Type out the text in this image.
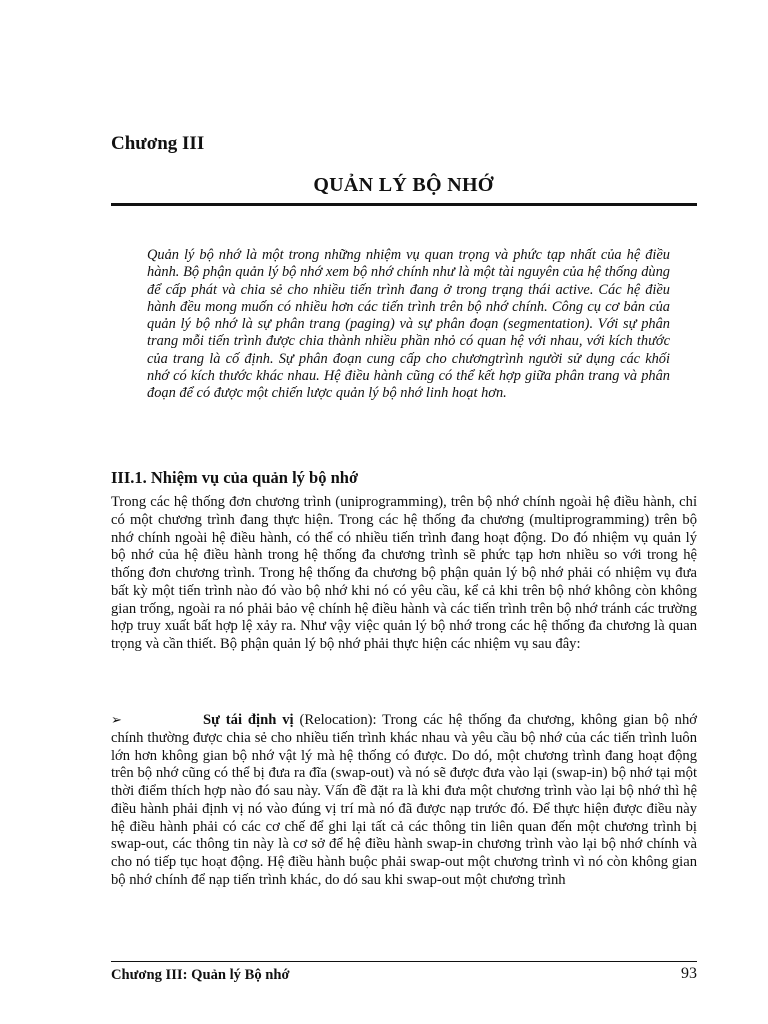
Chương III
QUẢN LÝ BỘ NHỚ

Quản lý bộ nhớ là một trong những nhiệm vụ quan trọng và phức tạp nhất của hệ điều hành. Bộ phận quản lý bộ nhớ xem bộ nhớ chính như là một tài nguyên của hệ thống dùng để cấp phát và chia sẻ cho nhiều tiến trình đang ở trong trạng thái active. Các hệ điều hành đều mong muốn có nhiều hơn các tiến trình trên bộ nhớ chính. Công cụ cơ bản của quản lý bộ nhớ là sự phân trang (paging) và sự phân đoạn (segmentation). Với sự phân trang mỗi tiến trình được chia thành nhiều phần nhỏ có quan hệ với nhau, với kích thước của trang là cố định. Sự phân đoạn cung cấp cho chươngtrình người sử dụng các khối nhớ có kích thước khác nhau. Hệ điều hành cũng có thể kết hợp giữa phân trang và phân đoạn để có được một chiến lược quản lý bộ nhớ linh hoạt hơn.

III.1. Nhiệm vụ của quản lý bộ nhớ

Trong các hệ thống đơn chương trình (uniprogramming), trên bộ nhớ chính ngoài hệ điều hành, chỉ có một chương trình đang thực hiện. Trong các hệ thống đa chương (multiprogramming) trên bộ nhớ chính ngoài hệ điều hành, có thể có nhiều tiến trình đang hoạt động. Do đó nhiệm vụ quản lý bộ nhớ của hệ điều hành trong hệ thống đa chương trình sẽ phức tạp hơn nhiều so với trong hệ thống đơn chương trình. Trong hệ thống đa chương bộ phận quản lý bộ nhớ phải có nhiệm vụ đưa bất kỳ một tiến trình nào đó vào bộ nhớ khi nó có yêu cầu, kể cả khi trên bộ nhớ không còn không gian trống, ngoài ra nó phải bảo vệ chính hệ điều hành và các tiến trình trên bộ nhớ tránh các trường hợp truy xuất bất hợp lệ xảy ra. Như vậy việc quản lý bộ nhớ trong các hệ thống đa chương là quan trọng và cần thiết. Bộ phận quản lý bộ nhớ phải thực hiện các nhiệm vụ sau đây:

➢	Sự tái định vị (Relocation): Trong các hệ thống đa chương, không gian bộ nhớ chính thường được chia sẻ cho nhiều tiến trình khác nhau và yêu cầu bộ nhớ của các tiến trình luôn lớn hơn không gian bộ nhớ vật lý mà hệ thống có được. Do dó, một chương trình đang hoạt động trên bộ nhớ cũng có thể bị đưa ra đĩa (swap-out) và nó sẽ được đưa vào lại (swap-in) bộ nhớ tại một thời điểm thích hợp nào đó sau này. Vấn đề đặt ra là khi đưa một chương trình vào lại bộ nhớ thì hệ điều hành phải định vị nó vào đúng vị trí mà nó đã được nạp trước đó. Để thực hiện được điều này hệ điều hành phải có các cơ chế để ghi lại tất cả các thông tin liên quan đến một chương trình bị swap-out, các thông tin này là cơ sở để hệ điều hành swap-in chương trình vào lại bộ nhớ chính và cho nó tiếp tục hoạt động. Hệ điều hành buộc phải swap-out một chương trình vì nó còn không gian bộ nhớ chính để nạp tiến trình khác, do dó sau khi swap-out một chương trình

Chương III: Quản lý Bộ nhớ	93
